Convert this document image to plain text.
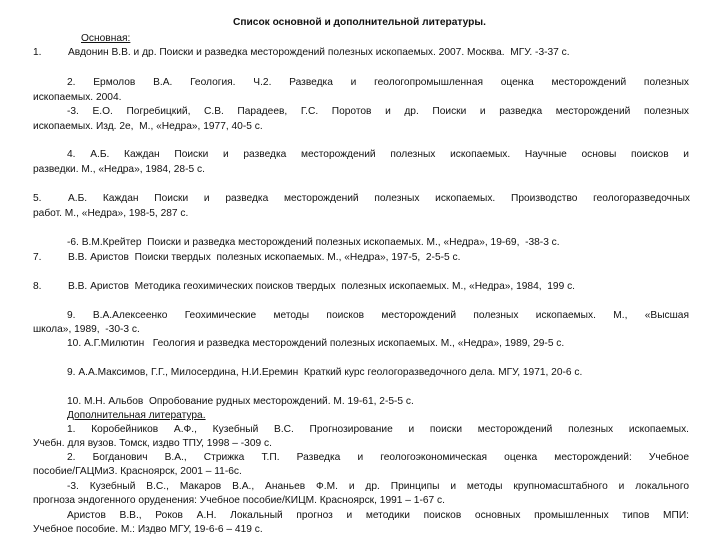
Список основной и дополнительной литературы.
Основная:
1.	Авдонин В.В. и др. Поиски и разведка месторождений полезных ископаемых. 2007. Москва.  МГУ. -3-37 с.
2. Ермолов В.А. Геология. Ч.2. Разведка и геологопромышленная оценка месторождений полезных
ископаемых. 2004.
-3. Е.О. Погребицкий, С.В. Парадеев, Г.С. Поротов и др. Поиски и разведка месторождений полезных
ископаемых. Изд. 2е,  М., «Недра», 1977, 40-5 с.
4. А.Б. Каждан Поиски и разведка месторождений полезных ископаемых. Научные основы поисков и
разведки. М., «Недра», 1984, 28-5 с.
5.	А.Б. Каждан Поиски и разведка месторождений полезных ископаемых. Производство геологоразведочных
работ. М., «Недра», 198-5, 287 с.
-6. В.М.Крейтер  Поиски и разведка месторождений полезных ископаемых. М., «Недра», 19-69,  -38-3 с.
7.	В.В. Аристов  Поиски твердых  полезных ископаемых. М., «Недра», 197-5,  2-5-5 с.
8.	В.В. Аристов  Методика геохимических поисков твердых  полезных ископаемых. М., «Недра», 1984,  199 с.
9. В.А.Алексеенко Геохимические методы поисков месторождений полезных ископаемых. М., «Высшая
школа», 1989,  -30-3 с.
10. А.Г.Милютин   Геология и разведка месторождений полезных ископаемых. М., «Недра», 1989, 29-5 с.
9. А.А.Максимов, Г.Г., Милосердина, Н.И.Еремин  Краткий курс геологоразведочного дела. МГУ, 1971, 20-6 с.
10. М.Н. Альбов  Опробование рудных месторождений. М. 19-61, 2-5-5 с.
Дополнительная литература.
1. Коробейников А.Ф., Кузебный В.С. Прогнозирование и поиски месторождений полезных ископаемых.
Учебн. для вузов. Томск, издво ТПУ, 1998 – -309 с.
2. Богданович В.А., Стрижка Т.П. Разведка и геологоэкономическая оценка месторождений: Учебное
пособие/ГАЦМиЗ. Красноярск, 2001 – 11-6с.
-3. Кузебный В.С., Макаров В.А., Ананьев Ф.М. и др. Принципы и методы крупномасштабного и локального
прогноза эндогенного оруденения: Учебное пособие/КИЦМ. Красноярск, 1991 – 1-67 с.
Аристов В.В., Роков А.Н. Локальный прогноз и методики поисков основных промышленных типов МПИ:
Учебное пособие. М.: Издво МГУ, 19-6-6 – 419 с.
